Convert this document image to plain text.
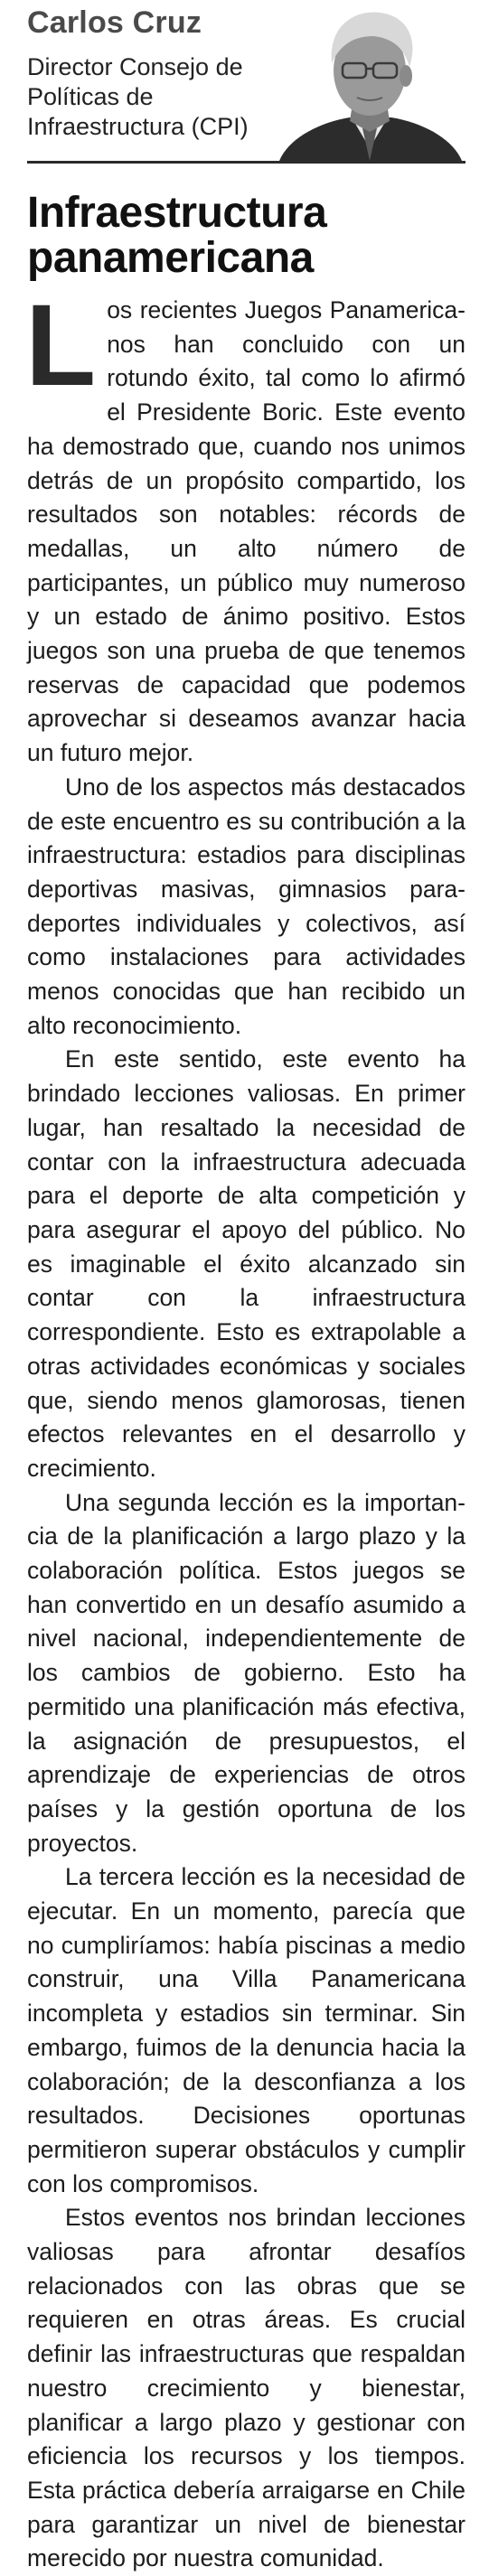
Carlos Cruz
Director Consejo de Políticas de Infraestructura (CPI)
Infraestructura panamericana

Los recientes Juegos Panamericanos han concluido con un rotundo éxito, tal como lo afirmó el Presidente Boric. Este evento ha demostrado que, cuando nos unimos detrás de un propósito compartido, los resultados son notables: récords de medallas, un alto número de participantes, un público muy numeroso y un estado de ánimo positivo. Estos juegos son una prueba de que tenemos reservas de capacidad que podemos aprovechar si deseamos avanzar hacia un futuro mejor.

Uno de los aspectos más destacados de este encuentro es su contribución a la infraestructura: estadios para disciplinas deportivas masivas, gimnasios paradeportes individuales y colectivos, así como instalaciones para actividades menos conocidas que han recibido un alto reconocimiento.

En este sentido, este evento ha brindado lecciones valiosas. En primer lugar, han resaltado la necesidad de contar con la infraestructura adecuada para el deporte de alta competición y para asegurar el apoyo del público. No es imaginable el éxito alcanzado sin contar con la infraestructura correspondiente. Esto es extrapolable a otras actividades económicas y sociales que, siendo menos glamorosas, tienen efectos relevantes en el desarrollo y crecimiento.

Una segunda lección es la importancia de la planificación a largo plazo y la colaboración política. Estos juegos se han convertido en un desafío asumido a nivel nacional, independientemente de los cambios de gobierno. Esto ha permitido una planificación más efectiva, la asignación de presupuestos, el aprendizaje de experiencias de otros países y la gestión oportuna de los proyectos.

La tercera lección es la necesidad de ejecutar. En un momento, parecía que no cumpliríamos: había piscinas a medio construir, una Villa Panamericana incompleta y estadios sin terminar. Sin embargo, fuimos de la denuncia hacia la colaboración; de la desconfianza a los resultados. Decisiones oportunas permitieron superar obstáculos y cumplir con los compromisos.

Estos eventos nos brindan lecciones valiosas para afrontar desafíos relacionados con las obras que se requieren en otras áreas. Es crucial definir las infraestructuras que respaldan nuestro crecimiento y bienestar, planificar a largo plazo y gestionar con eficiencia los recursos y los tiempos. Esta práctica debería arraigarse en Chile para garantizar un nivel de bienestar merecido por nuestra comunidad.
